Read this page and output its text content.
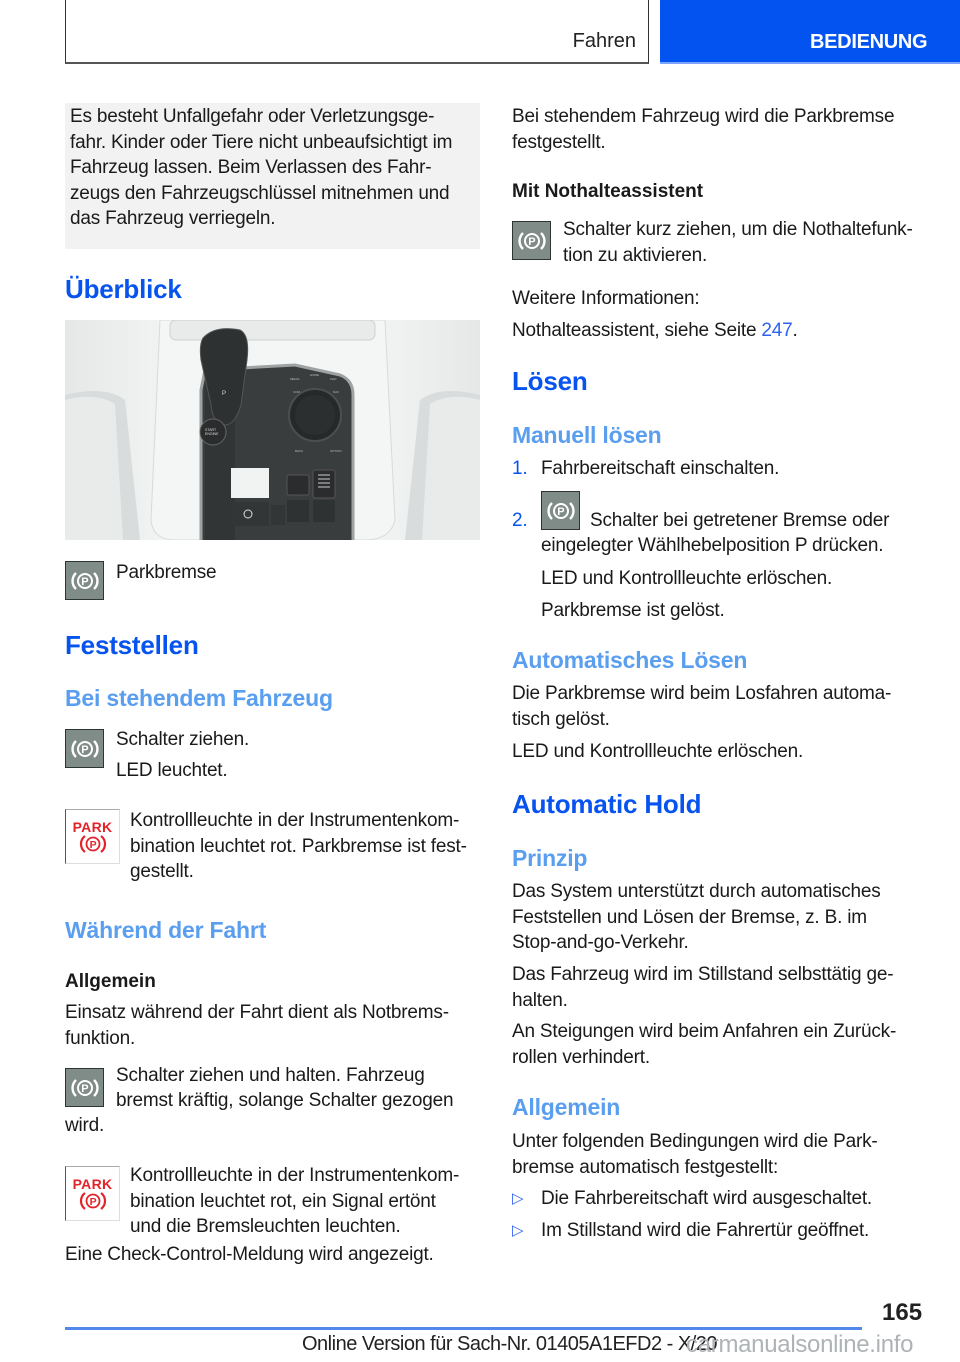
Fahren	BEDIENUNG
Es besteht Unfallgefahr oder Verletzungsge-
fahr. Kinder oder Tiere nicht unbeaufsichtigt im
Fahrzeug lassen. Beim Verlassen des Fahr-
zeugs den Fahrzeugschlüssel mitnehmen und
das Fahrzeug verriegeln.
Überblick
P
START
ENGINE
MEDIA
HOME
MAP
COM	NAV
BACK	OPTION
P Parkbremse
Feststellen
Bei stehendem Fahrzeug
P Schalter ziehen.
LED leuchtet.
PARK
P
Kontrollleuchte in der Instrumentenkom-
bination leuchtet rot. Parkbremse ist fest-
gestellt.
Während der Fahrt
Allgemein
Einsatz während der Fahrt dient als Notbrems-
funktion.
P
Schalter ziehen und halten. Fahrzeug
bremst kräftig, solange Schalter gezogen
wird.
PARK
P
Kontrollleuchte in der Instrumentenkom-
bination leuchtet rot, ein Signal ertönt
und die Bremsleuchten leuchten.
Eine Check-Control-Meldung wird angezeigt.
Bei stehendem Fahrzeug wird die Parkbremse
festgestellt.
Mit Nothalteassistent
P
Schalter kurz ziehen, um die Nothaltefunk-
tion zu aktivieren.
Weitere Informationen:
Nothalteassistent, siehe Seite 247.
Lösen
Manuell lösen
1. Fahrbereitschaft einschalten.
2.	P Schalter bei getretener Bremse oder
eingelegter Wählhebelposition P drücken.
LED und Kontrollleuchte erlöschen.
Parkbremse ist gelöst.
Automatisches Lösen
Die Parkbremse wird beim Losfahren automa-
tisch gelöst.
LED und Kontrollleuchte erlöschen.
Automatic Hold
Prinzip
Das System unterstützt durch automatisches
Feststellen und Lösen der Bremse, z. B. im
Stop-and-go-Verkehr.
Das Fahrzeug wird im Stillstand selbsttätig ge-
halten.
An Steigungen wird beim Anfahren ein Zurück-
rollen verhindert.
Allgemein
Unter folgenden Bedingungen wird die Park-
bremse automatisch festgestellt:
▷ Die Fahrbereitschaft wird ausgeschaltet.
▷ Im Stillstand wird die Fahrertür geöffnet.
165
Online Version für Sach-Nr. 01405A1EFD2 - X/20
carmanualsonline.info
